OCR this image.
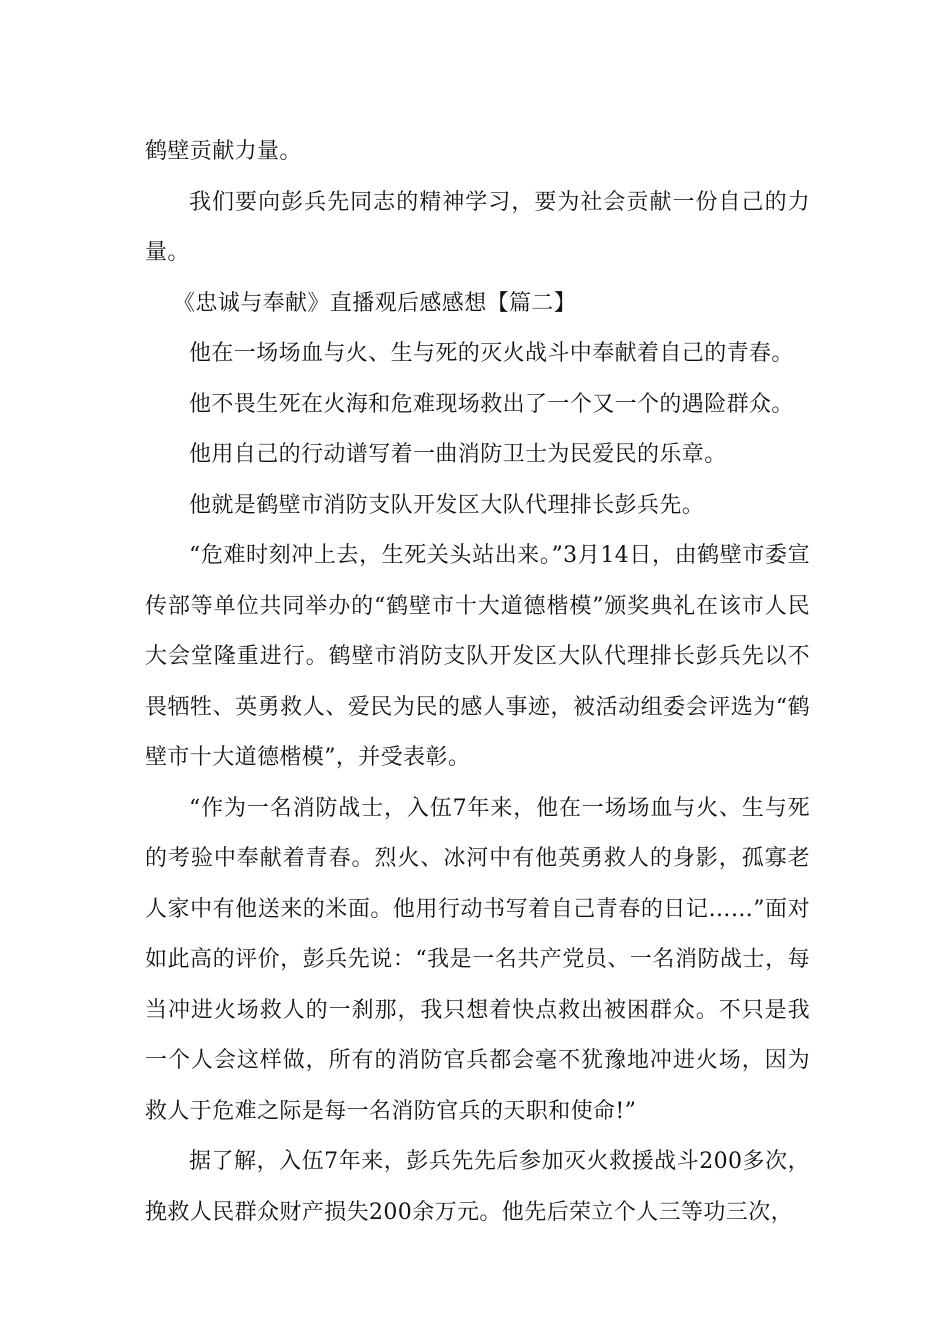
鹤壁贡献力量。

我们要向彭兵先同志的精神学习，要为社会贡献一份自己的力量。

《忠诚与奉献》直播观后感感想【篇二】

他在一场场血与火、生与死的灭火战斗中奉献着自己的青春。

他不畏生死在火海和危难现场救出了一个又一个的遇险群众。

他用自己的行动谱写着一曲消防卫士为民爱民的乐章。

他就是鹤壁市消防支队开发区大队代理排长彭兵先。

“危难时刻冲上去，生死关头站出来。”3月14日，由鹤壁市委宣传部等单位共同举办的“鹤壁市十大道德楷模”颁奖典礼在该市人民大会堂隆重进行。鹤壁市消防支队开发区大队代理排长彭兵先以不畏牺牲、英勇救人、爱民为民的感人事迹，被活动组委会评选为“鹤壁市十大道德楷模”，并受表彰。

“作为一名消防战士，入伍7年来，他在一场场血与火、生与死的考验中奉献着青春。烈火、冰河中有他英勇救人的身影，孤寡老人家中有他送来的米面。他用行动书写着自己青春的日记……”面对如此高的评价，彭兵先说：“我是一名共产党员、一名消防战士，每当冲进火场救人的一刹那，我只想着快点救出被困群众。不只是我一个人会这样做，所有的消防官兵都会毫不犹豫地冲进火场，因为救人于危难之际是每一名消防官兵的天职和使命!”

据了解，入伍7年来，彭兵先先后参加灭火救援战斗200多次，挽救人民群众财产损失200余万元。他先后荣立个人三等功三次，
